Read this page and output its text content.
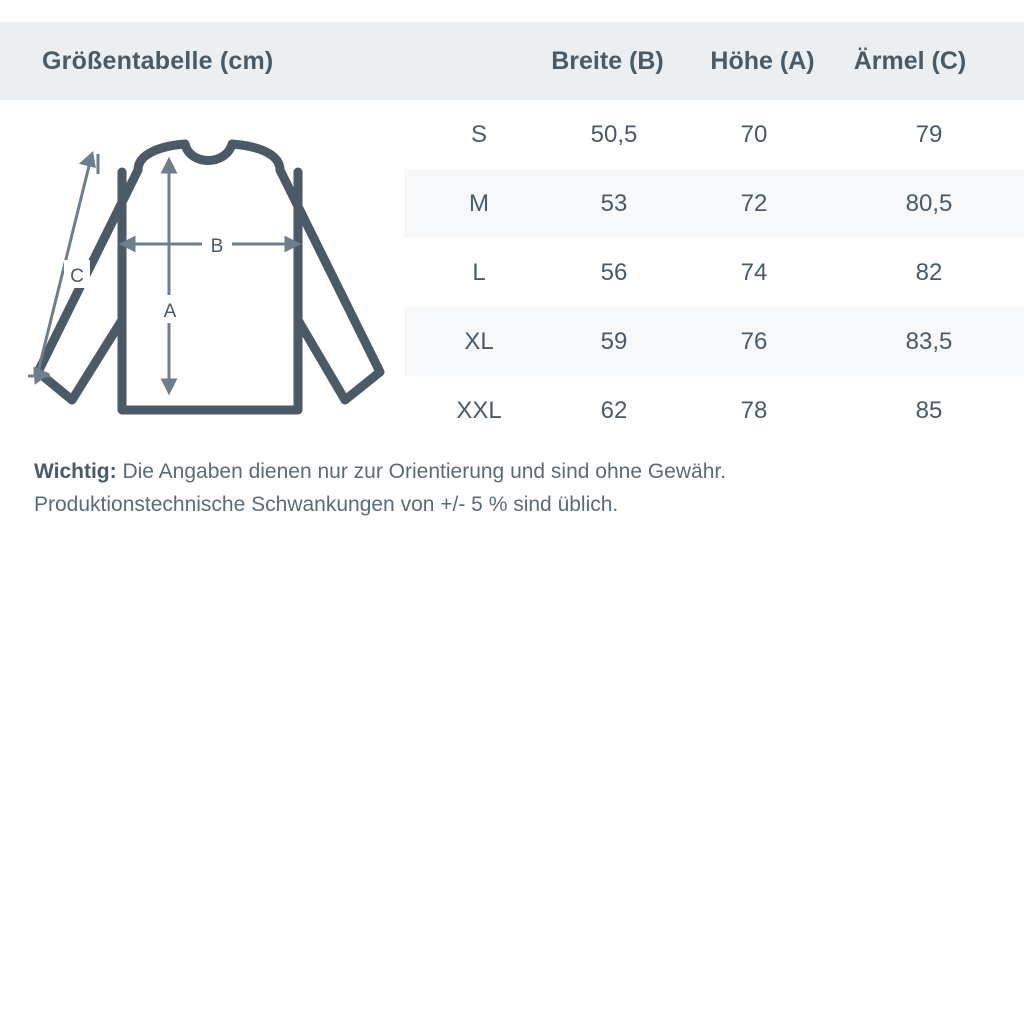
Größentabelle (cm)	Breite (B)	Höhe (A)	Ärmel (C)
B
A
C
S	50,5	70	79
M	53	72	80,5
L	56	74	82
XL	59	76	83,5
XXL	62	78	85
Wichtig: Die Angaben dienen nur zur Orientierung und sind ohne Gewähr.
Produktionstechnische Schwankungen von +/- 5 % sind üblich.
